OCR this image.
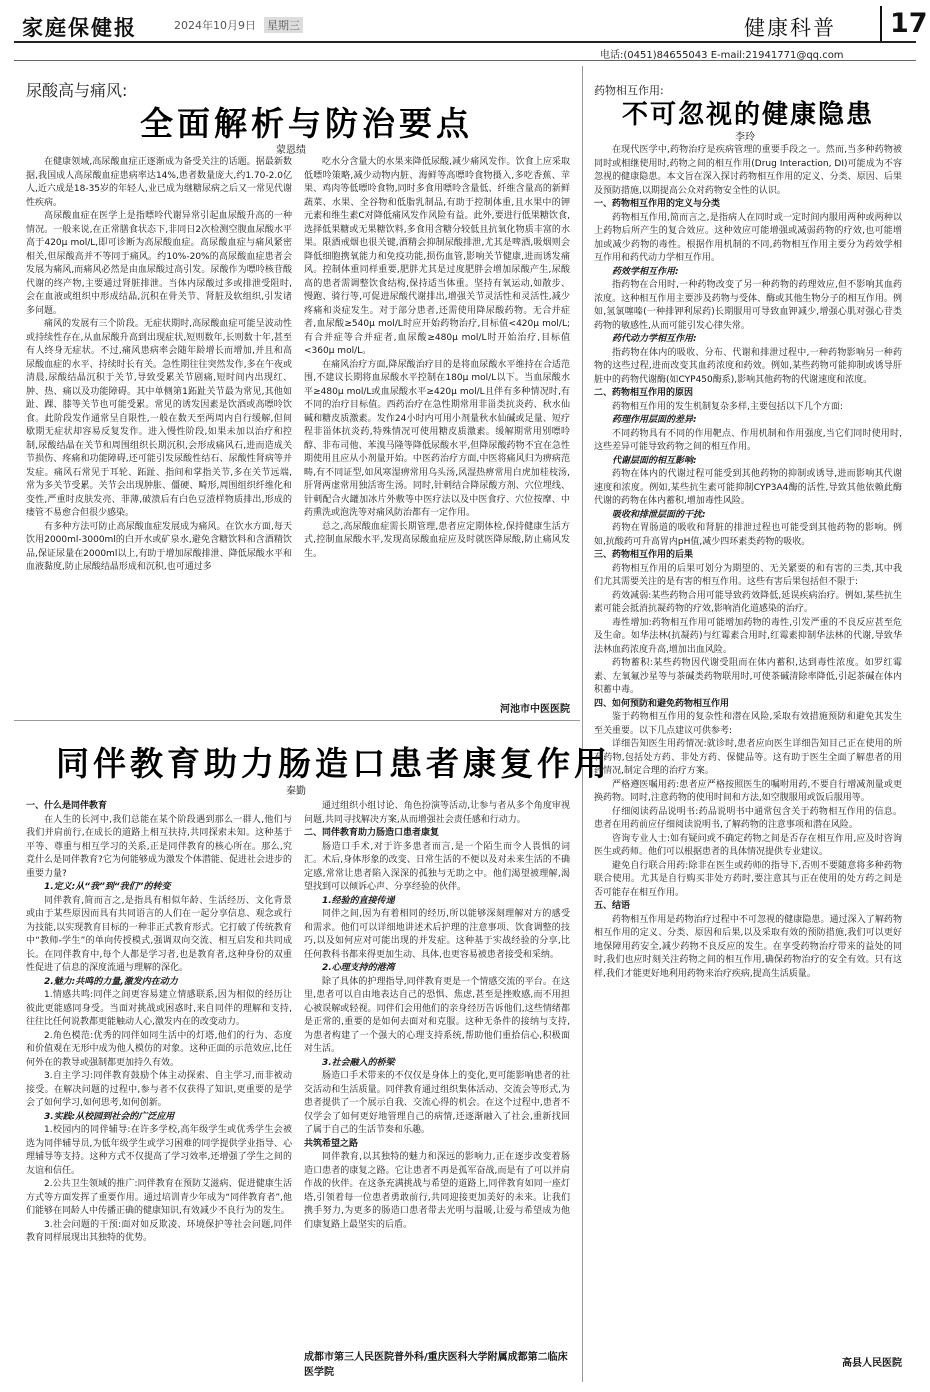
家庭保健报	2024年10月9日 星期三	健康科普	17
电话:(0451)84655043 E-mail:21941771@qq.com
尿酸高与痛风:
全面解析与防治要点
蒙恩绩

在健康领域,高尿酸血症正逐渐成为备受关注的话题。据最新数据,我国成人高尿酸血症患病率达14%,患者数量庞大,约1.70-2.0亿人,近六成是18-35岁的年轻人,业已成为继糖尿病之后又一常见代谢性疾病。

高尿酸血症在医学上是指嘌呤代谢异常引起血尿酸升高的一种情况。一般来说,在正常膳食状态下,非同日2次检测空腹血尿酸水平高于420μ mol/L,即可诊断为高尿酸血症。高尿酸血症与痛风紧密相关,但尿酸高并不等同于痛风。约10%-20%的高尿酸血症患者会发展为痛风,而痛风必然是由血尿酸过高引发。尿酸作为嘌呤核苷酸代谢的终产物,主要通过肾脏排泄。当体内尿酸过多或排泄受阻时,会在血液或组织中形成结晶,沉积在骨关节、肾脏及软组织,引发诸多问题。

痛风的发展有三个阶段。无症状期时,高尿酸血症可能呈波动性或持续性存在,从血尿酸升高到出现症状,短则数年,长则数十年,甚至有人终身无症状。不过,痛风患病率会随年龄增长而增加,并且和高尿酸血症的水平、持续时长有关。急性期往往突然发作,多在午夜或清晨,尿酸结晶沉积于关节,导致受累关节剧痛,短时间内出现红、肿、热、痛以及功能障碍。其中单侧第1跖趾关节最为常见,其他如趾、踝、膝等关节也可能受累。常见的诱发因素是饮酒或高嘌呤饮食。此阶段发作通常呈自限性,一般在数天至两周内自行缓解,但间歇期无症状却容易反复发作。进入慢性阶段,如果未加以治疗和控制,尿酸结晶在关节和周围组织长期沉积,会形成痛风石,进而造成关节损伤、疼痛和功能障碍,还可能引发尿酸性结石、尿酸性肾病等并发症。痛风石常见于耳轮、跖趾、指间和掌指关节,多在关节远端,常为多关节受累。关节会出现肿胀、僵硬、畸形,周围组织纤维化和变性,严重时皮肤发亮、菲薄,破溃后有白色豆渣样物质排出,形成的瘘管不易愈合但很少感染。

有多种方法可防止高尿酸血症发展成为痛风。在饮水方面,每天饮用2000ml-3000ml的白开水或矿泉水,避免含糖饮料和含酒精饮品,保证尿量在2000ml以上,有助于增加尿酸排泄、降低尿酸水平和血液黏度,防止尿酸结晶形成和沉积,也可通过多

吃水分含量大的水果来降低尿酸,减少痛风发作。饮食上应采取低嘌呤策略,减少动物内脏、海鲜等高嘌呤食物摄入,多吃香蕉、苹果、鸡肉等低嘌呤食物,同时多食用嘌呤含量低、纤维含量高的新鲜蔬菜、水果、全谷物和低脂乳制品,有助于控制体重,且水果中的钾元素和维生素C对降低痛风发作风险有益。此外,要进行低果糖饮食,选择低果糖或无果糖饮料,多食用含糖分较低且抗氧化物质丰富的水果。限酒戒烟也很关键,酒精会抑制尿酸排泄,尤其是啤酒,吸烟则会降低细胞携氧能力和免疫功能,损伤血管,影响关节健康,进而诱发痛风。控制体重同样重要,肥胖尤其是过度肥胖会增加尿酸产生,尿酸高的患者需调整饮食结构,保持适当体重。坚持有氧运动,如散步、慢跑、骑行等,可促进尿酸代谢排出,增强关节灵活性和灵活性,减少疼痛和炎症发生。对于部分患者,还需使用降尿酸药物。无合并症者,血尿酸≥540μ mol/L时应开始药物治疗,目标值<420μ mol/L;有合并症等合并症者,血尿酸≥480μ mol/L时开始治疗,目标值<360μ mol/L。

在痛风治疗方面,降尿酸治疗目的是将血尿酸水平维持在合适范围,不建议长期将血尿酸水平控制在180μ mol/L以下。当血尿酸水平≥480μ mol/L或血尿酸水平≥420μ mol/L且伴有多种情况时,有不同的治疗目标值。西药治疗在急性期常用非甾类抗炎药、秋水仙碱和糖皮质激素。发作24小时内可用小剂量秋水仙碱或足量、短疗程非甾体抗炎药,特殊情况可使用糖皮质激素。缓解期常用别嘌呤醇、非布司他、苯溴马隆等降低尿酸水平,但降尿酸药物不宜在急性期使用且应从小剂量开始。中医药治疗方面,中医将痛风归为痹病范畴,有不同证型,如风寒湿痹常用乌头汤,风湿热痹常用白虎加桂枝汤,肝肾两虚常用独活寄生汤。同时,针刺结合降尿酸方剂、穴位埋线、针刺配合火罐加冰片外敷等中医疗法以及中医食疗、穴位按摩、中药熏洗或泡洗等对痛风防治都有一定作用。

总之,高尿酸血症需长期管理,患者应定期体检,保持健康生活方式,控制血尿酸水平,发现高尿酸血症应及时就医降尿酸,防止痛风发生。

河池市中医医院
同伴教育助力肠造口患者康复作用
秦勤

一、什么是同伴教育

在人生的长河中,我们总能在某个阶段遇到那么一群人,他们与我们并肩前行,在成长的道路上相互扶持,共同探索未知。这种基于平等、尊重与相互学习的关系,正是同伴教育的核心所在。那么,究竟什么是同伴教育?它为何能够成为激发个体潜能、促进社会进步的重要力量?

1.定义:从“我”到“我们”的转变

同伴教育,简而言之,是指具有相似年龄、生活经历、文化背景或由于某些原因而具有共同语言的人们在一起分享信息、观念或行为技能,以实现教育目标的一种非正式教育形式。它打破了传统教育中“教师-学生”的单向传授模式,强调双向交流、相互启发和共同成长。在同伴教育中,每个人都是学习者,也是教育者,这种身份的双重性促进了信息的深度流通与理解的深化。

2.魅力:共鸣的力量,激发内在动力

1.情感共鸣:同伴之间更容易建立情感联系,因为相似的经历让彼此更能感同身受。当面对挑战或困惑时,来自同伴的理解和支持,往往比任何说教都更能触动人心,激发内在的改变动力。

2.角色模范:优秀的同伴如同生活中的灯塔,他们的行为、态度和价值观在无形中成为他人模仿的对象。这种正面的示范效应,比任何外在的教导或强制都更加持久有效。

3.自主学习:同伴教育鼓励个体主动探索、自主学习,而非被动接受。在解决问题的过程中,参与者不仅获得了知识,更重要的是学会了如何学习,如何思考,如何创新。

3.实践:从校园到社会的广泛应用

1.校园内的同伴辅导:在许多学校,高年级学生或优秀学生会被选为同伴辅导员,为低年级学生或学习困难的同学提供学业指导、心理辅导等支持。这种方式不仅提高了学习效率,还增强了学生之间的友谊和信任。

2.公共卫生领域的推广:同伴教育在预防艾滋病、促进健康生活方式等方面发挥了重要作用。通过培训青少年成为“同伴教育者”,他们能够在同龄人中传播正确的健康知识,有效减少不良行为的发生。

3.社会问题的干预:面对如反欺凌、环境保护等社会问题,同伴教育同样展现出其独特的优势。

通过组织小组讨论、角色扮演等活动,让参与者从多个角度审视问题,共同寻找解决方案,从而增强社会责任感和行动力。

二、同伴教育助力肠造口患者康复

肠造口手术,对于许多患者而言,是一个陌生而令人畏惧的词汇。术后,身体形象的改变、日常生活的不便以及对未来生活的不确定感,常常让患者陷入深深的孤独与无助之中。他们渴望被理解,渴望找到可以倾诉心声、分享经验的伙伴。

1.经验的直接传递

同伴之间,因为有着相同的经历,所以能够深刻理解对方的感受和需求。他们可以详细地讲述术后护理的注意事项、饮食调整的技巧,以及如何应对可能出现的并发症。这种基于实战经验的分享,比任何教科书都来得更加生动、具体,也更容易被患者接受和采纳。

2.心理支持的港湾

除了具体的护理指导,同伴教育更是一个情感交流的平台。在这里,患者可以自由地表达自己的恐惧、焦虑,甚至是挫败感,而不用担心被误解或轻视。同伴们会用他们的亲身经历告诉他们,这些情绪都是正常的,重要的是如何去面对和克服。这种无条件的接纳与支持,为患者构建了一个强大的心理支持系统,帮助他们重拾信心,积极面对生活。

3.社会融入的桥梁

肠造口手术带来的不仅仅是身体上的变化,更可能影响患者的社交活动和生活质量。同伴教育通过组织集体活动、交流会等形式,为患者提供了一个展示自我、交流心得的机会。在这个过程中,患者不仅学会了如何更好地管理自己的病情,还逐渐融入了社会,重新找回了属于自己的生活节奏和乐趣。

共筑希望之路

同伴教育,以其独特的魅力和深远的影响力,正在逐步改变着肠造口患者的康复之路。它让患者不再是孤军奋战,而是有了可以并肩作战的伙伴。在这条充满挑战与希望的道路上,同伴教育如同一座灯塔,引领着每一位患者勇敢前行,共同迎接更加美好的未来。让我们携手努力,为更多的肠造口患者带去光明与温暖,让爱与希望成为他们康复路上最坚实的后盾。

成都市第三人民医院普外科/重庆医科大学附属成都第二临床医学院
药物相互作用:
不可忽视的健康隐患
李玲

在现代医学中,药物治疗是疾病管理的重要手段之一。然而,当多种药物被同时或相继使用时,药物之间的相互作用(Drug Interaction, DI)可能成为不容忽视的健康隐患。本文旨在深入探讨药物相互作用的定义、分类、原因、后果及预防措施,以期提高公众对药物安全性的认识。

一、药物相互作用的定义与分类

药物相互作用,简而言之,是指病人在同时或一定时间内服用两种或两种以上药物后所产生的复合效应。这种效应可能增强或减弱药物的疗效,也可能增加或减少药物的毒性。根据作用机制的不同,药物相互作用主要分为药效学相互作用和药代动力学相互作用。

药效学相互作用:

指药物在合用时,一种药物改变了另一种药物的药理效应,但不影响其血药浓度。这种相互作用主要涉及药物与受体、酶或其他生物分子的相互作用。例如,氢氯噻嗪(一种排钾利尿药)长期服用可导致血钾减少,增强心肌对强心苷类药物的敏感性,从而可能引发心律失常。

药代动力学相互作用:

指药物在体内的吸收、分布、代谢和排泄过程中,一种药物影响另一种药物的这些过程,进而改变其血药浓度和药效。例如,某些药物可能抑制或诱导肝脏中的药物代谢酶(如CYP450酶系),影响其他药物的代谢速度和浓度。

二、药物相互作用的原因

药物相互作用的发生机制复杂多样,主要包括以下几个方面:

药理作用层面的差异:

不同药物具有不同的作用靶点、作用机制和作用强度,当它们同时使用时,这些差异可能导致药物之间的相互作用。

代谢层面的相互影响:

药物在体内的代谢过程可能受到其他药物的抑制或诱导,进而影响其代谢速度和浓度。例如,某些抗生素可能抑制CYP3A4酶的活性,导致其他依赖此酶代谢的药物在体内蓄积,增加毒性风险。

吸收和排泄层面的干扰:

药物在胃肠道的吸收和肾脏的排泄过程也可能受到其他药物的影响。例如,抗酸药可升高胃内pH值,减少四环素类药物的吸收。

三、药物相互作用的后果

药物相互作用的后果可划分为期望的、无关紧要的和有害的三类,其中我们尤其需要关注的是有害的相互作用。这些有害后果包括但不限于:

药效减弱:某些药物合用可能导致药效降低,延误疾病治疗。例如,某些抗生素可能会抵消抗凝药物的疗效,影响消化道感染的治疗。

毒性增加:药物相互作用可能增加药物的毒性,引发严重的不良反应甚至危及生命。如华法林(抗凝药)与红霉素合用时,红霉素抑制华法林的代谢,导致华法林血药浓度升高,增加出血风险。

药物蓄积:某些药物因代谢受阻而在体内蓄积,达到毒性浓度。如罗红霉素、左氧氟沙星等与茶碱类药物联用时,可使茶碱清除率降低,引起茶碱在体内积蓄中毒。

四、如何预防和避免药物相互作用

鉴于药物相互作用的复杂性和潜在风险,采取有效措施预防和避免其发生至关重要。以下几点建议可供参考:

详细告知医生用药情况:就诊时,患者应向医生详细告知目己正在使用的所有药物,包括处方药、非处方药、保健品等。这有助于医生全面了解患者的用药情况,制定合理的治疗方案。

严格遵医嘱用药:患者应严格按照医生的嘱咐用药,不要自行增减剂量或更换药物。同时,注意药物的使用时间和方法,如空腹服用或饭后服用等。

仔细阅读药品说明书:药品说明书中通常包含关于药物相互作用的信息。患者在用药前应仔细阅读说明书,了解药物的注意事项和潜在风险。

咨询专业人士:如有疑问或不确定药物之间是否存在相互作用,应及时咨询医生或药师。他们可以根据患者的具体情况提供专业建议。

避免自行联合用药:除非在医生或药师的指导下,否则不要随意将多种药物联合使用。尤其是自行购买非处方药时,要注意其与正在使用的处方药之间是否可能存在相互作用。

五、结语

药物相互作用是药物治疗过程中不可忽视的健康隐患。通过深入了解药物相互作用的定义、分类、原因和后果,以及采取有效的预防措施,我们可以更好地保障用药安全,减少药物不良反应的发生。在享受药物治疗带来的益处的同时,我们也应时刻关注药物之间的相互作用,确保药物治疗的安全有效。只有这样,我们才能更好地利用药物来治疗疾病,提高生活质量。

高县人民医院
